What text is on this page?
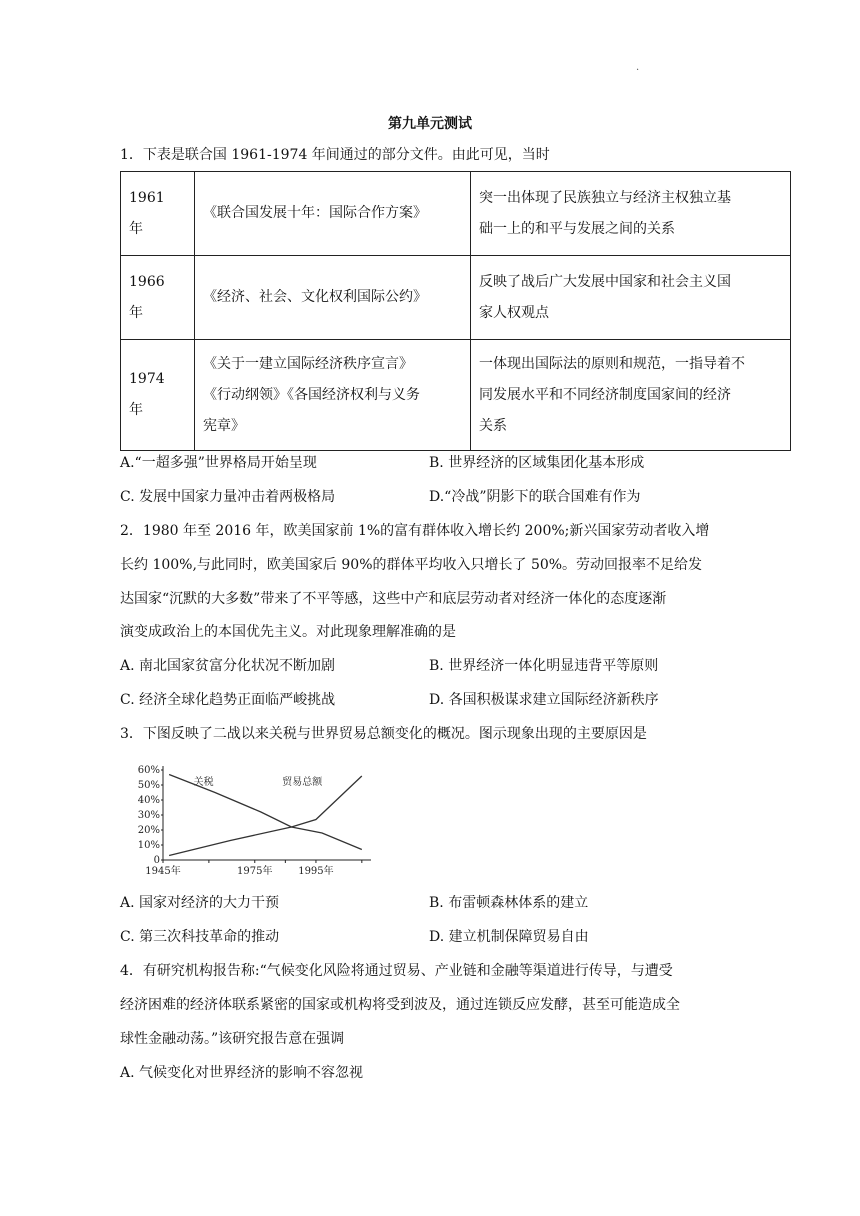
.
第九单元测试
1．下表是联合国 1961-1974 年间通过的部分文件。由此可见，当时
1961
年	《联合国发展十年：国际合作方案》	突一出体现了民族独立与经济主权独立基
础一上的和平与发展之间的关系

1966
年	《经济、社会、文化权利国际公约》	反映了战后广大发展中国家和社会主义国
家人权观点

1974
年	《关于一建立国际经济秩序宣言》
《行动纲领》《各国经济权利与义务
宪章》	一体现出国际法的原则和规范，一指导着不
同发展水平和不同经济制度国家间的经济
关系
A.“一超多强”世界格局开始呈现	B. 世界经济的区域集团化基本形成
C. 发展中国家力量冲击着两极格局	D.“冷战”阴影下的联合国难有作为
2．1980 年至 2016 年，欧美国家前 1%的富有群体收入增长约 200%;新兴国家劳动者收入增
长约 100%,与此同时，欧美国家后 90%的群体平均收入只增长了 50%。劳动回报率不足给发
达国家“沉默的大多数”带来了不平等感，这些中产和底层劳动者对经济一体化的态度逐渐
演变成政治上的本国优先主义。对此现象理解准确的是
A. 南北国家贫富分化状况不断加剧	B. 世界经济一体化明显违背平等原则
C. 经济全球化趋势正面临严峻挑战	D. 各国积极谋求建立国际经济新秩序
3．下图反映了二战以来关税与世界贸易总额变化的概况。图示现象出现的主要原因是
60%
50%
40%
30%
20%
10%
0
1945年	1975年	1995年
关税	贸易总额
A. 国家对经济的大力干预	B. 布雷顿森林体系的建立
C. 第三次科技革命的推动	D. 建立机制保障贸易自由
4．有研究机构报告称:“气候变化风险将通过贸易、产业链和金融等渠道进行传导，与遭受
经济困难的经济体联系紧密的国家或机构将受到波及，通过连锁反应发酵，甚至可能造成全
球性金融动荡。”该研究报告意在强调
A. 气候变化对世界经济的影响不容忽视
